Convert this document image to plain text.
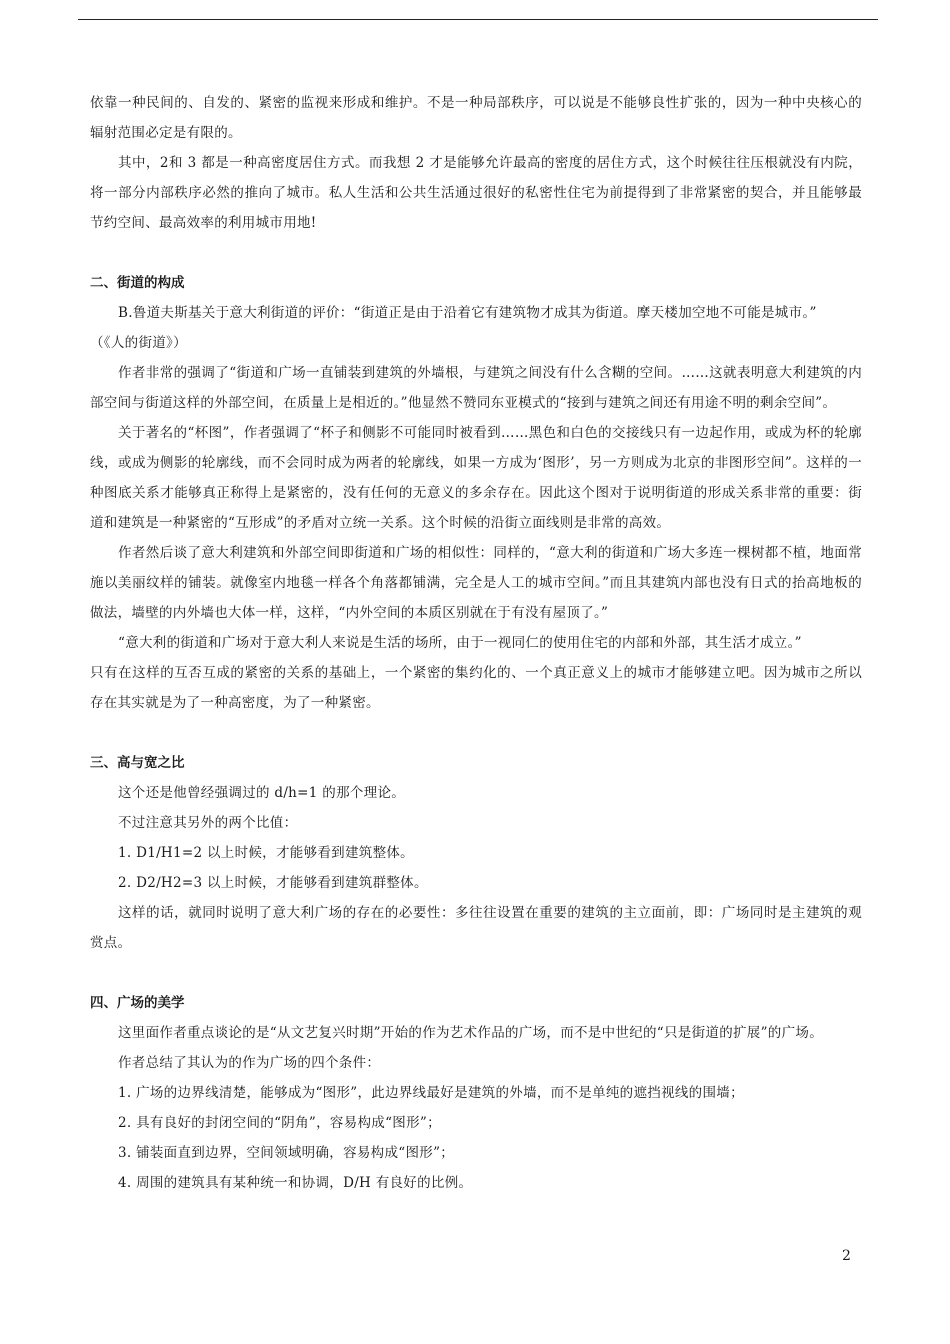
依靠一种民间的、自发的、紧密的监视来形成和维护。不是一种局部秩序，可以说是不能够良性扩张的，因为一种中央核心的辐射范围必定是有限的。

其中，2和 3 都是一种高密度居住方式。而我想 2 才是能够允许最高的密度的居住方式，这个时候往往压根就没有内院，将一部分内部秩序必然的推向了城市。私人生活和公共生活通过很好的私密性住宅为前提得到了非常紧密的契合，并且能够最节约空间、最高效率的利用城市用地!

二、街道的构成

B.鲁道夫斯基关于意大利街道的评价：“街道正是由于沿着它有建筑物才成其为街道。摩天楼加空地不可能是城市。”

（《人的街道》）

作者非常的强调了“街道和广场一直铺装到建筑的外墙根，与建筑之间没有什么含糊的空间。……这就表明意大利建筑的内部空间与街道这样的外部空间，在质量上是相近的。”他显然不赞同东亚模式的“接到与建筑之间还有用途不明的剩余空间”。

关于著名的“杯图”，作者强调了“杯子和侧影不可能同时被看到……黑色和白色的交接线只有一边起作用，或成为杯的轮廓线，或成为侧影的轮廓线，而不会同时成为两者的轮廓线，如果一方成为‘图形’，另一方则成为北京的非图形空间”。这样的一种图底关系才能够真正称得上是紧密的，没有任何的无意义的多余存在。因此这个图对于说明街道的形成关系非常的重要：街道和建筑是一种紧密的“互形成”的矛盾对立统一关系。这个时候的沿街立面线则是非常的高效。

作者然后谈了意大利建筑和外部空间即街道和广场的相似性：同样的，“意大利的街道和广场大多连一棵树都不植，地面常施以美丽纹样的铺装。就像室内地毯一样各个角落都铺满，完全是人工的城市空间。”而且其建筑内部也没有日式的抬高地板的做法，墙壁的内外墙也大体一样，这样，“内外空间的本质区别就在于有没有屋顶了。”

“意大利的街道和广场对于意大利人来说是生活的场所，由于一视同仁的使用住宅的内部和外部，其生活才成立。”

只有在这样的互否互成的紧密的关系的基础上，一个紧密的集约化的、一个真正意义上的城市才能够建立吧。因为城市之所以存在其实就是为了一种高密度，为了一种紧密。

三、高与宽之比

这个还是他曾经强调过的 d/h=1 的那个理论。

不过注意其另外的两个比值：

1. D1/H1=2 以上时候，才能够看到建筑整体。

2. D2/H2=3 以上时候，才能够看到建筑群整体。

这样的话，就同时说明了意大利广场的存在的必要性：多往往设置在重要的建筑的主立面前，即：广场同时是主建筑的观赏点。

四、广场的美学

这里面作者重点谈论的是“从文艺复兴时期”开始的作为艺术作品的广场，而不是中世纪的“只是街道的扩展”的广场。

作者总结了其认为的作为广场的四个条件：

1. 广场的边界线清楚，能够成为“图形”，此边界线最好是建筑的外墙，而不是单纯的遮挡视线的围墙；

2. 具有良好的封闭空间的“阴角”，容易构成“图形”；

3. 铺装面直到边界，空间领域明确，容易构成“图形”；

4. 周围的建筑具有某种统一和协调，D/H 有良好的比例。

2
